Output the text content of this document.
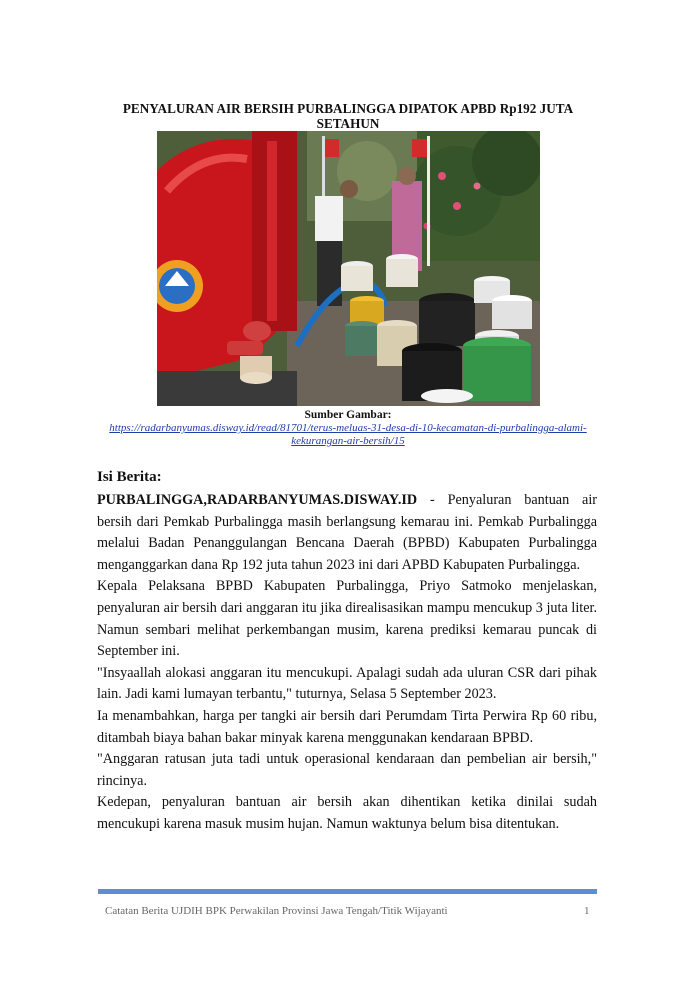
PENYALURAN AIR BERSIH PURBALINGGA DIPATOK APBD Rp192 JUTA SETAHUN
Sumber Gambar:
https://radarbanyumas.disway.id/read/81701/terus-meluas-31-desa-di-10-kecamatan-di-purbalingga-alami-kekurangan-air-bersih/15
Isi Berita:

PURBALINGGA,RADARBANYUMAS.DISWAY.ID - Penyaluran bantuan air bersih dari Pemkab Purbalingga masih berlangsung kemarau ini. Pemkab Purbalingga melalui Badan Penanggulangan Bencana Daerah (BPBD) Kabupaten Purbalingga menganggarkan dana Rp 192 juta tahun 2023 ini dari APBD Kabupaten Purbalingga.

Kepala Pelaksana BPBD Kabupaten Purbalingga, Priyo Satmoko menjelaskan, penyaluran air bersih dari anggaran itu jika direalisasikan mampu mencukup 3 juta liter. Namun sembari melihat perkembangan musim, karena prediksi kemarau puncak di September ini.

"Insyaallah alokasi anggaran itu mencukupi. Apalagi sudah ada uluran CSR dari pihak lain. Jadi kami lumayan terbantu," tuturnya, Selasa 5 September 2023.

Ia menambahkan, harga per tangki air bersih dari Perumdam Tirta Perwira Rp 60 ribu, ditambah biaya bahan bakar minyak karena menggunakan kendaraan BPBD.

"Anggaran ratusan juta tadi untuk operasional kendaraan dan pembelian air bersih," rincinya.

Kedepan, penyaluran bantuan air bersih akan dihentikan ketika dinilai sudah mencukupi karena masuk musim hujan. Namun waktunya belum bisa ditentukan.

Catatan Berita UJDIH BPK Perwakilan Provinsi Jawa Tengah/Titik Wijayanti	1
